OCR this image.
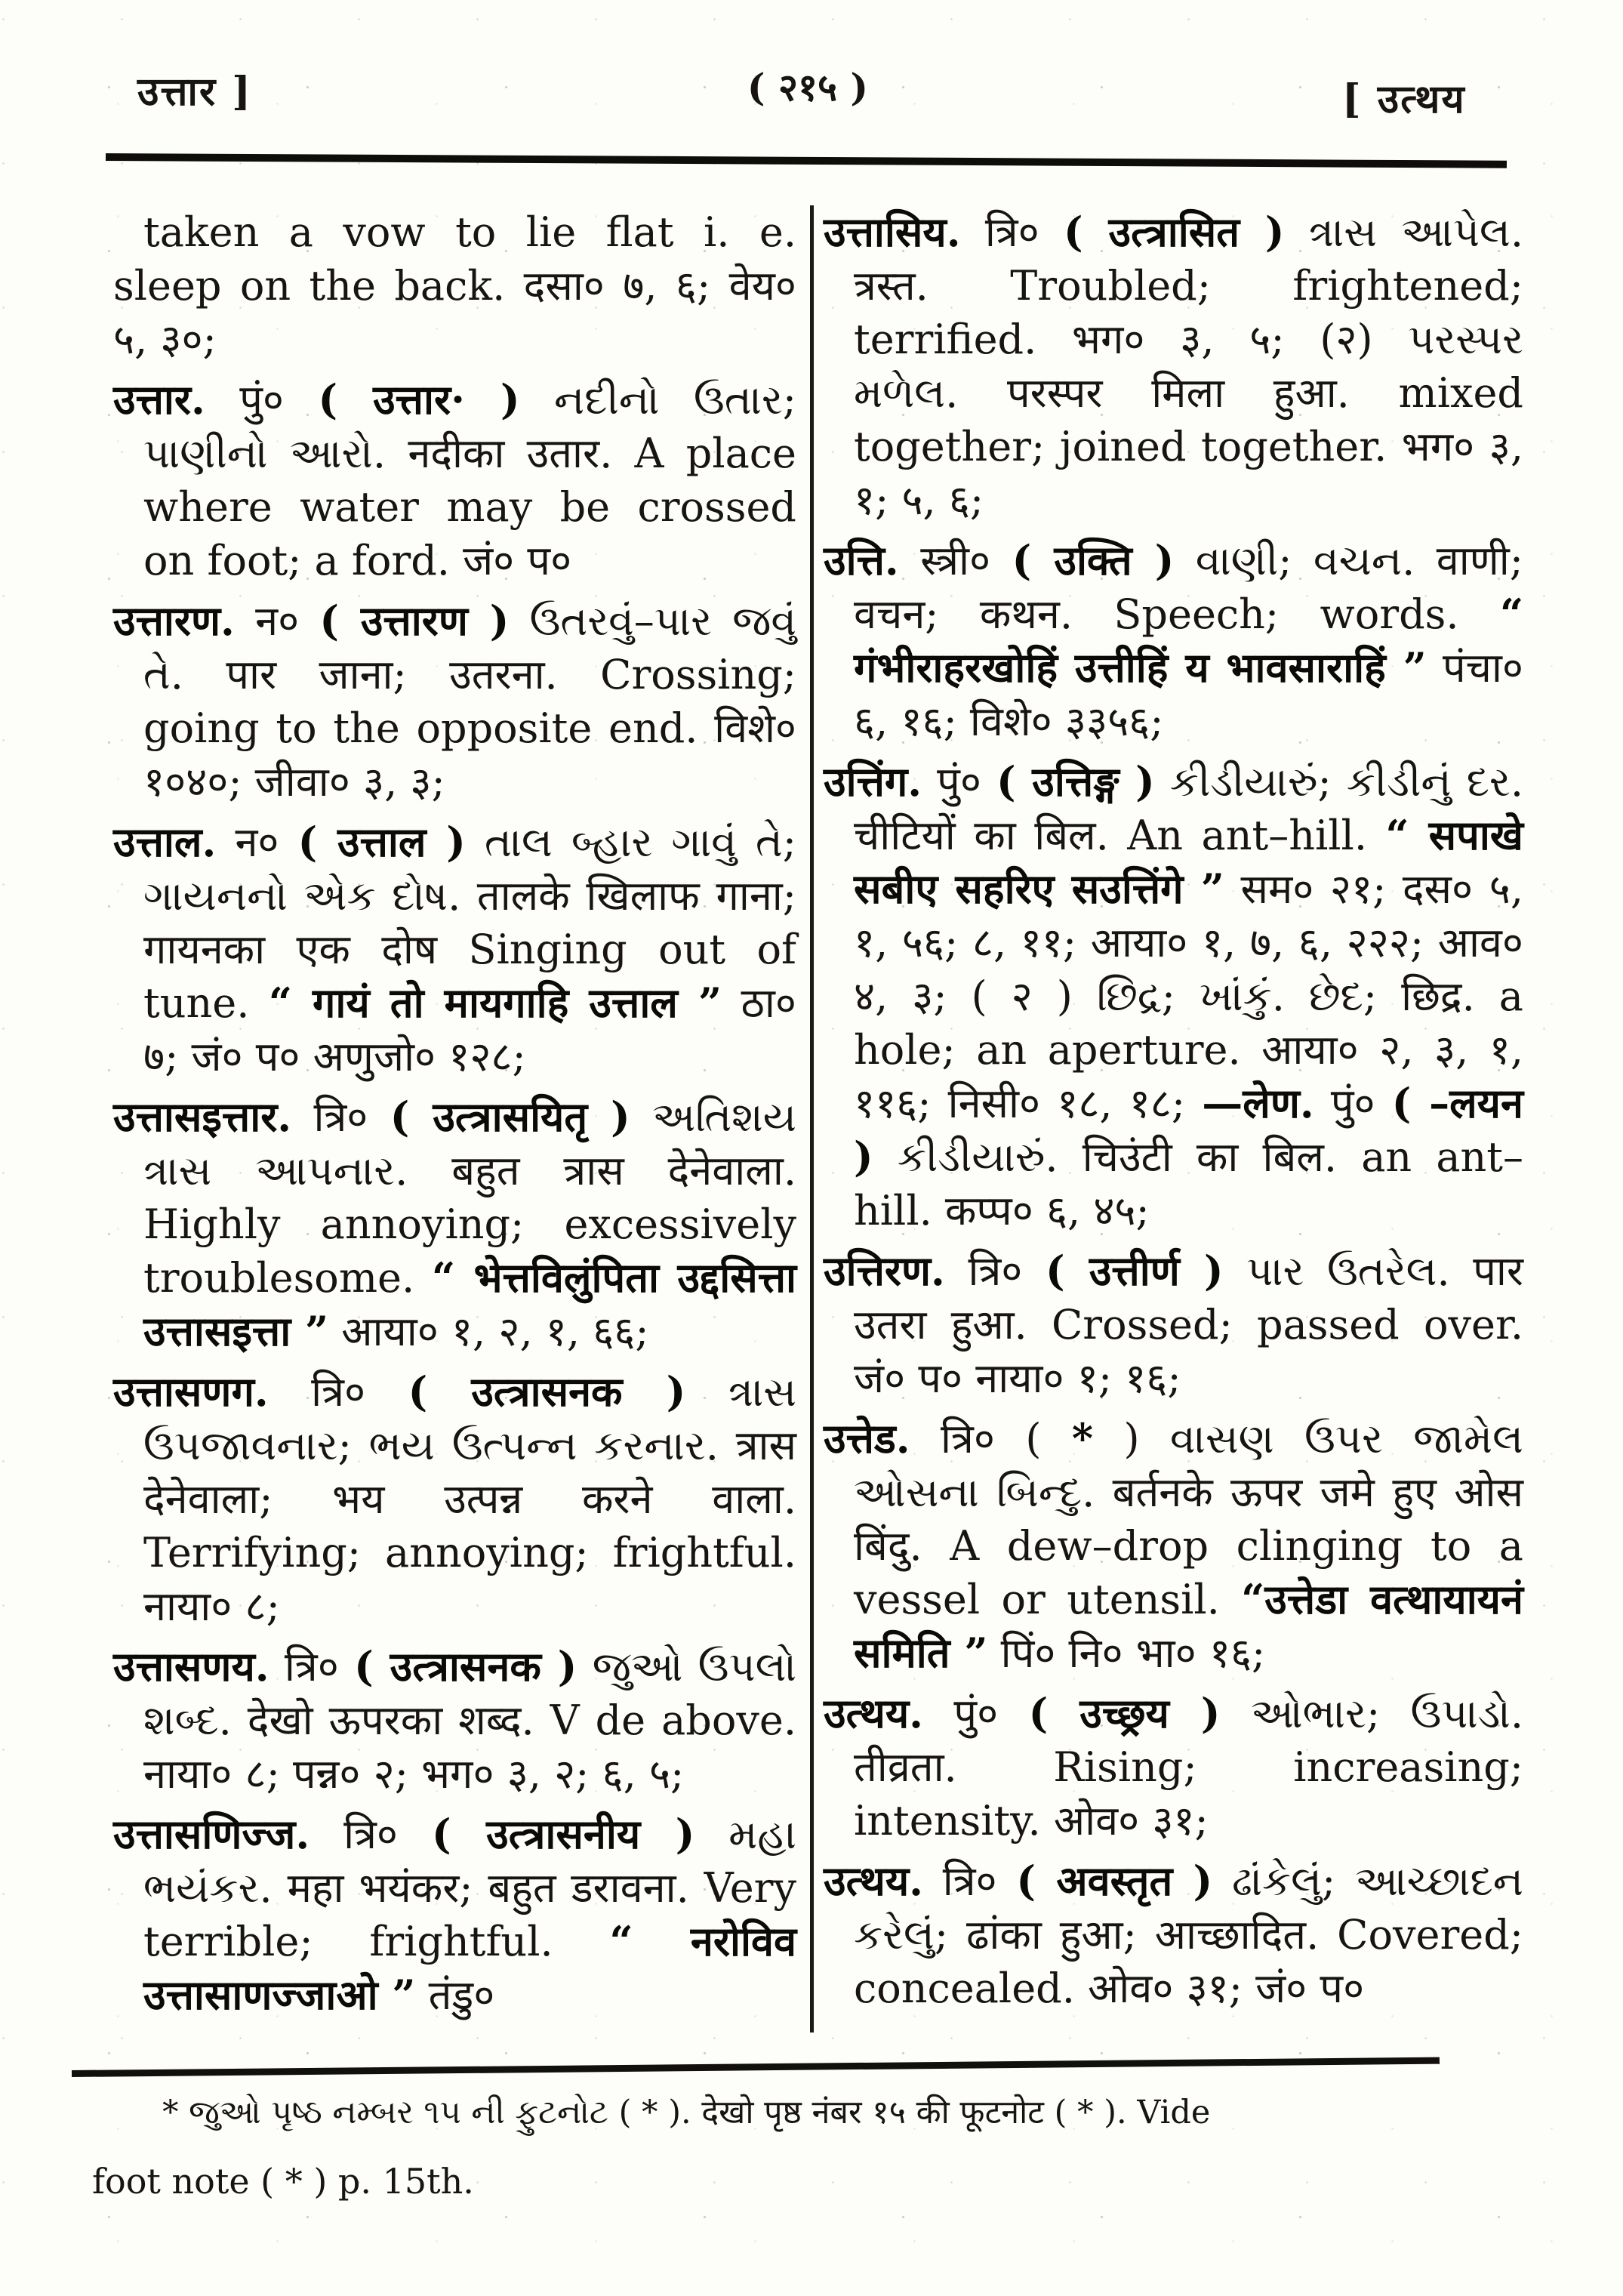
उत्तार ]	( २१५ )	[ उत्थय

taken a vow to lie flat i. e. sleep on the back. दसा० ७, ६; वेय० ५, ३०;

उत्तार. पुं० ( उत्तार· ) નદીનો ઉતાર; પાણીનો આરો. नदीका उतार. A place where water may be crossed on foot; a ford. जं० प०

उत्तारण. न० ( उत्तारण ) ઉતરવું–પાર જવું તે. पार जाना; उतरना. Crossing; going to the opposite end. विशे० १०४०; जीवा० ३, ३;

उत्ताल. न० ( उत्ताल ) તાલ બ્હાર ગાવું તે; ગાયનનો એક દોષ. तालके खिलाफ गाना; गायनका एक दोष Singing out of tune. “ गायं तो मायगाहि उत्ताल ” ठा० ७; जं० प० अणुजो० १२८;

उत्तासइत्तार. त्रि० ( उत्त्रासयितृ ) અતિશય ત્રાસ આપનાર. बहुत त्रास देनेवाला. Highly annoying; excessively troublesome. “ भेत्तविलुंपिता उद्दसित्ता उत्तासइत्ता ” आया० १, २, १, ६६;

उत्तासणग. त्रि० ( उत्त्रासनक ) ત્રાસ ઉપજાવનાર; ભય ઉત્પન્ન કરનાર. त्रास देनेवाला; भय उत्पन्न करने वाला. Terrifying; annoying; frightful. नाया० ८;

उत्तासणय. त्रि० ( उत्त्रासनक ) જુઓ ઉપલો શબ્દ. देखो ऊपरका शब्द. V de above. नाया० ८; पन्न० २; भग० ३, २; ६, ५;

उत्तासणिज्ज. त्रि० ( उत्त्रासनीय ) મહા ભયંકર. महा भयंकर; बहुत डरावना. Very terrible; frightful. “ नरोविव उत्तासाणज्जाओ ” तंडु०

उत्तासिय. त्रि० ( उत्त्रासित ) ત્રાસ આપેલ. त्रस्त. Troubled; frightened; terrified. भग० ३, ५; (२) પરસ્પર મળેલ. परस्पर मिला हुआ. mixed together; joined together. भग० ३, १; ५, ६;

उत्ति. स्त्री० ( उक्ति ) વાણી; વચન. वाणी; वचन; कथन. Speech; words. “ गंभीराहरखोहिं उत्तीहिं य भावसाराहिं ” पंचा० ६, १६; विशे० ३३५६;

उत्तिंग. पुं० ( उत्तिङ्ग ) કીડીયારું; કીડીનું દર. चीटियों का बिल. An ant–hill. “ सपाखे सबीए सहरिए सउत्तिंगे ” सम० २१; दस० ५, १, ५६; ८, ११; आया० १, ७, ६, २२२; आव० ४, ३; ( २ ) છિદ્ર; ખાંકું. છેદ; छिद्र. a hole; an aperture. आया० २, ३, १, ११६; निसी० १८, १८; —लेण. पुं० ( –लयन ) કીડીયારું. चिउंटी का बिल. an ant–hill. कप्प० ६, ४५;

उत्तिरण. त्रि० ( उत्तीर्ण ) પાર ઉતરેલ. पार उतरा हुआ. Crossed; passed over. जं० प० नाया० १; १६;

उत्तेड. त्रि० ( * ) વાસણ ઉપર જામેલ ઓસના બિન્દુ. बर्तनके ऊपर जमे हुए ओस बिंदु. A dew–drop clinging to a vessel or utensil. “उत्तेडा वत्थायायनं समिति ” पिं० नि० भा० १६;

उत्थय. पुं० ( उच्छ्रय ) ઓભાર; ઉપાડો. तीव्रता. Rising; increasing; intensity. ओव० ३१;

उत्थय. त्रि० ( अवस्तृत ) ઢાંકેલું; આચ્છાદન કરેલું; ढांका हुआ; आच्छादित. Covered; concealed. ओव० ३१; जं० प०

* જુઓ પૃષ્ઠ નમ્બર ૧૫ ની ફુટનોટ ( * ). देखो पृष्ठ नंबर १५ की फूटनोट ( * ). Vide

foot note ( * ) p. 15th.
